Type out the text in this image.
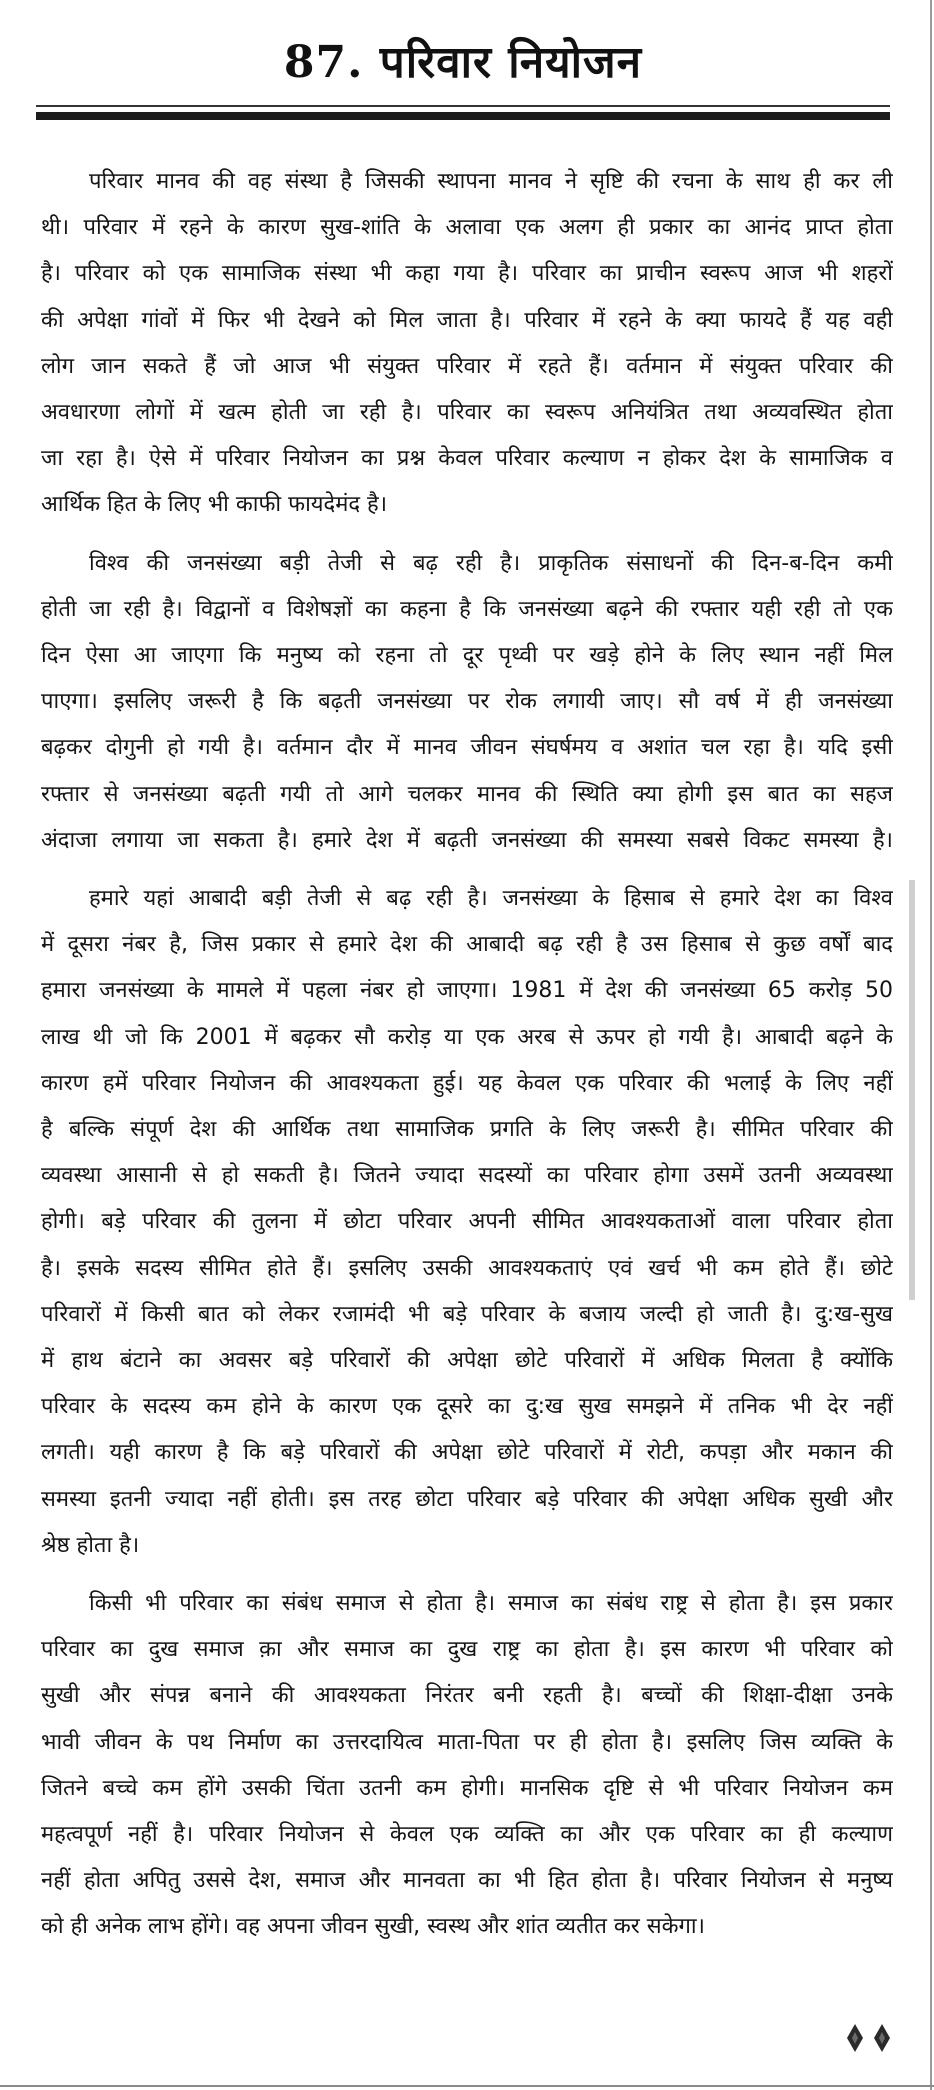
87. परिवार नियोजन
परिवार मानव की वह संस्था है जिसकी स्थापना मानव ने सृष्टि की रचना के साथ ही कर ली
थी। परिवार में रहने के कारण सुख-शांति के अलावा एक अलग ही प्रकार का आनंद प्राप्त होता
है। परिवार को एक सामाजिक संस्था भी कहा गया है। परिवार का प्राचीन स्वरूप आज भी शहरों
की अपेक्षा गांवों में फिर भी देखने को मिल जाता है। परिवार में रहने के क्या फायदे हैं यह वही
लोग जान सकते हैं जो आज भी संयुक्त परिवार में रहते हैं। वर्तमान में संयुक्त परिवार की
अवधारणा लोगों में खत्म होती जा रही है। परिवार का स्वरूप अनियंत्रित तथा अव्यवस्थित होता
जा रहा है। ऐसे में परिवार नियोजन का प्रश्न केवल परिवार कल्याण न होकर देश के सामाजिक व
आर्थिक हित के लिए भी काफी फायदेमंद है।
विश्व की जनसंख्या बड़ी तेजी से बढ़ रही है। प्राकृतिक संसाधनों की दिन-ब-दिन कमी
होती जा रही है। विद्वानों व विशेषज्ञों का कहना है कि जनसंख्या बढ़ने की रफ्तार यही रही तो एक
दिन ऐसा आ जाएगा कि मनुष्य को रहना तो दूर पृथ्वी पर खड़े होने के लिए स्थान नहीं मिल
पाएगा। इसलिए जरूरी है कि बढ़ती जनसंख्या पर रोक लगायी जाए। सौ वर्ष में ही जनसंख्या
बढ़कर दोगुनी हो गयी है। वर्तमान दौर में मानव जीवन संघर्षमय व अशांत चल रहा है। यदि इसी
रफ्तार से जनसंख्या बढ़ती गयी तो आगे चलकर मानव की स्थिति क्या होगी इस बात का सहज
अंदाजा लगाया जा सकता है। हमारे देश में बढ़ती जनसंख्या की समस्या सबसे विकट समस्या है।
हमारे यहां आबादी बड़ी तेजी से बढ़ रही है। जनसंख्या के हिसाब से हमारे देश का विश्व
में दूसरा नंबर है, जिस प्रकार से हमारे देश की आबादी बढ़ रही है उस हिसाब से कुछ वर्षों बाद
हमारा जनसंख्या के मामले में पहला नंबर हो जाएगा। 1981 में देश की जनसंख्या 65 करोड़ 50
लाख थी जो कि 2001 में बढ़कर सौ करोड़ या एक अरब से ऊपर हो गयी है। आबादी बढ़ने के
कारण हमें परिवार नियोजन की आवश्यकता हुई। यह केवल एक परिवार की भलाई के लिए नहीं
है बल्कि संपूर्ण देश की आर्थिक तथा सामाजिक प्रगति के लिए जरूरी है। सीमित परिवार की
व्यवस्था आसानी से हो सकती है। जितने ज्यादा सदस्यों का परिवार होगा उसमें उतनी अव्यवस्था
होगी। बड़े परिवार की तुलना में छोटा परिवार अपनी सीमित आवश्यकताओं वाला परिवार होता
है। इसके सदस्य सीमित होते हैं। इसलिए उसकी आवश्यकताएं एवं खर्च भी कम होते हैं। छोटे
परिवारों में किसी बात को लेकर रजामंदी भी बड़े परिवार के बजाय जल्दी हो जाती है। दु:ख-सुख
में हाथ बंटाने का अवसर बड़े परिवारों की अपेक्षा छोटे परिवारों में अधिक मिलता है क्योंकि
परिवार के सदस्य कम होने के कारण एक दूसरे का दु:ख सुख समझने में तनिक भी देर नहीं
लगती। यही कारण है कि बड़े परिवारों की अपेक्षा छोटे परिवारों में रोटी, कपड़ा और मकान की
समस्या इतनी ज्यादा नहीं होती। इस तरह छोटा परिवार बड़े परिवार की अपेक्षा अधिक सुखी और
श्रेष्ठ होता है।
किसी भी परिवार का संबंध समाज से होता है। समाज का संबंध राष्ट्र से होता है। इस प्रकार
परिवार का दुख समाज क़ा और समाज का दुख राष्ट्र का होता है। इस कारण भी परिवार को
सुखी और संपन्न बनाने की आवश्यकता निरंतर बनी रहती है। बच्चों की शिक्षा-दीक्षा उनके
भावी जीवन के पथ निर्माण का उत्तरदायित्व माता-पिता पर ही होता है। इसलिए जिस व्यक्ति के
जितने बच्चे कम होंगे उसकी चिंता उतनी कम होगी। मानसिक दृष्टि से भी परिवार नियोजन कम
महत्वपूर्ण नहीं है। परिवार नियोजन से केवल एक व्यक्ति का और एक परिवार का ही कल्याण
नहीं होता अपितु उससे देश, समाज और मानवता का भी हित होता है। परिवार नियोजन से मनुष्य
को ही अनेक लाभ होंगे। वह अपना जीवन सुखी, स्वस्थ और शांत व्यतीत कर सकेगा।
